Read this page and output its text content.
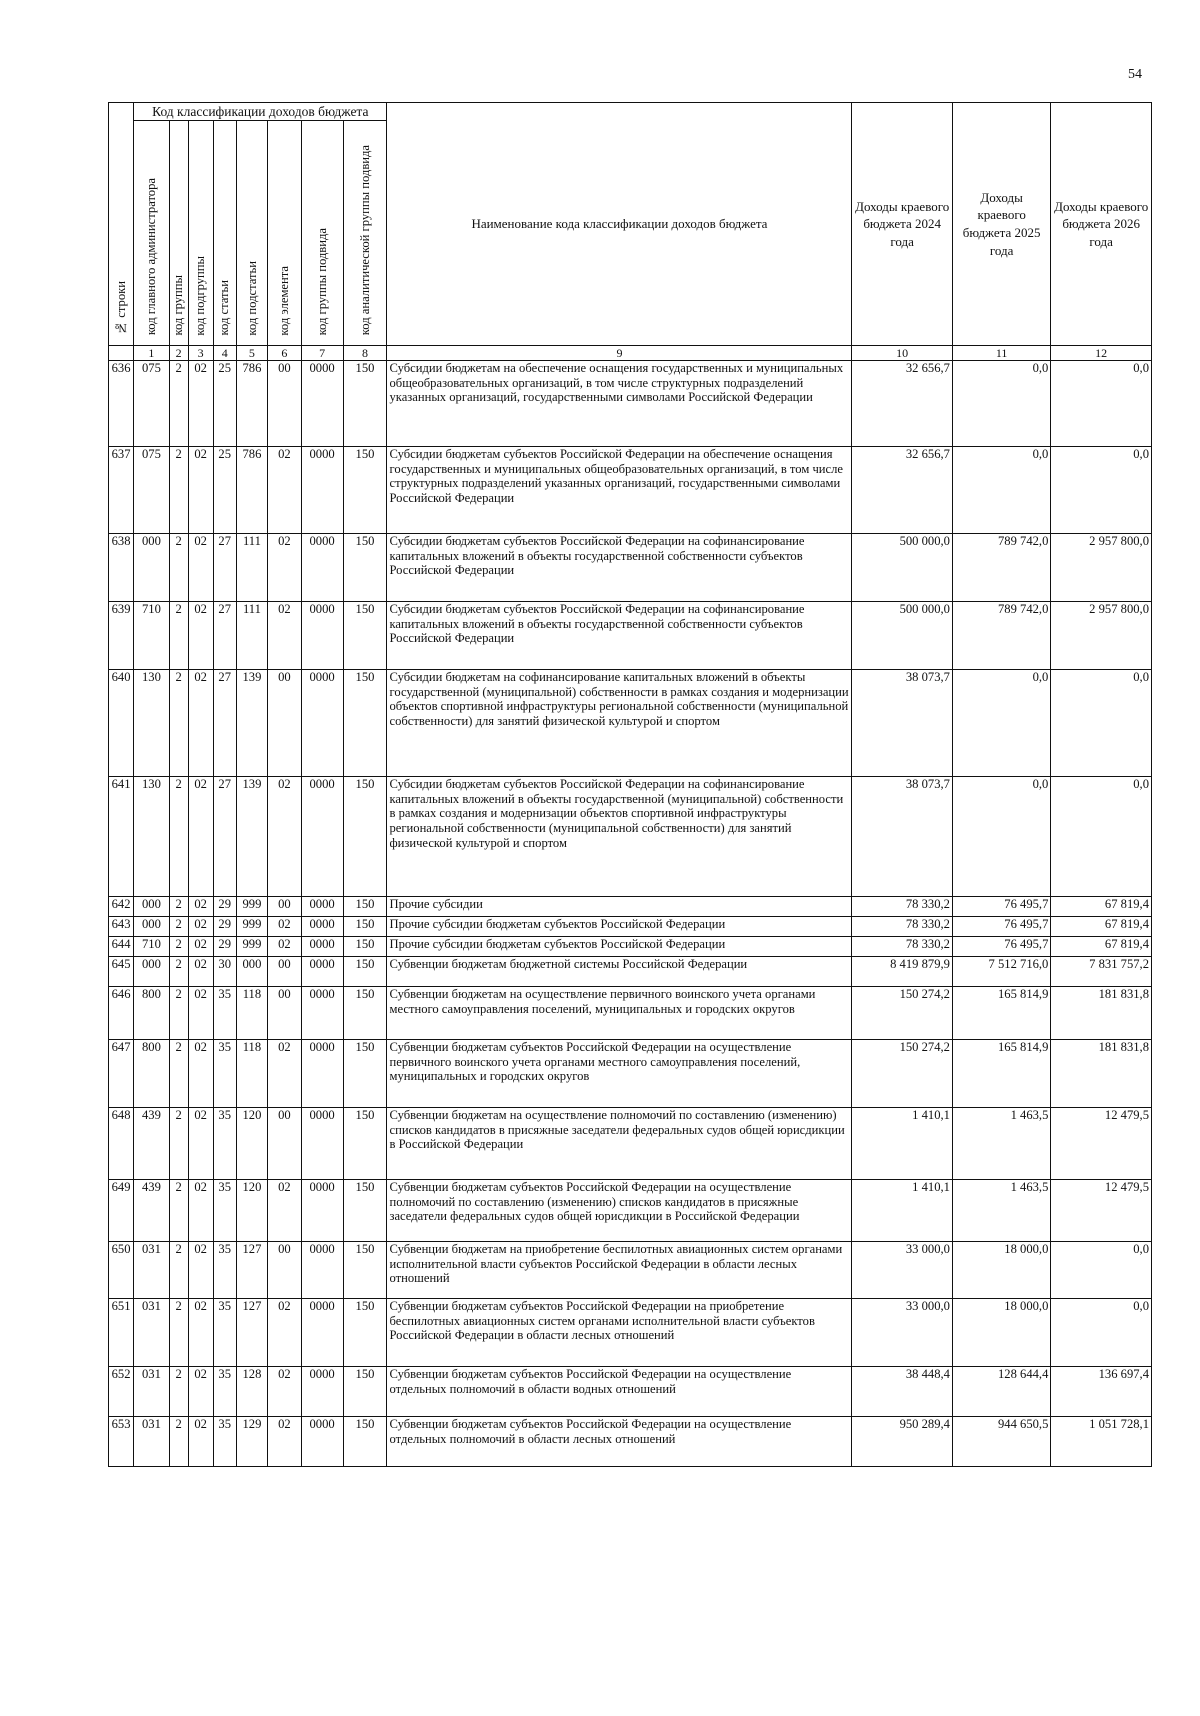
54
№ строки	Код классификации доходов бюджета								Наименование кода классификации доходов бюджета	Доходы краевого бюджета 2024 года	Доходы краевого бюджета 2025 года	Доходы краевого бюджета 2026 года
	код главного администратора	код группы	код подгруппы	код статьи	код подстатьи	код элемента	код группы подвида	код аналитической группы подвида				
	1	2	3	4	5	6	7	8	9	10	11	12
636	075	2	02	25	786	00	0000	150	Субсидии бюджетам на обеспечение оснащения государственных и муниципальных общеобразовательных организаций, в том числе структурных подразделений указанных организаций, государственными символами Российской Федерации	32 656,7	0,0	0,0
637	075	2	02	25	786	02	0000	150	Субсидии бюджетам субъектов Российской Федерации на обеспечение оснащения государственных и муниципальных общеобразовательных организаций, в том числе структурных подразделений указанных организаций, государственными символами Российской Федерации	32 656,7	0,0	0,0
638	000	2	02	27	111	02	0000	150	Субсидии бюджетам субъектов Российской Федерации на софинансирование капитальных вложений в объекты государственной собственности субъектов Российской Федерации	500 000,0	789 742,0	2 957 800,0
639	710	2	02	27	111	02	0000	150	Субсидии бюджетам субъектов Российской Федерации на софинансирование капитальных вложений в объекты государственной собственности субъектов Российской Федерации	500 000,0	789 742,0	2 957 800,0
640	130	2	02	27	139	00	0000	150	Субсидии бюджетам на софинансирование капитальных вложений в объекты государственной (муниципальной) собственности в рамках создания и модернизации объектов спортивной инфраструктуры региональной собственности (муниципальной собственности) для занятий физической культурой и спортом	38 073,7	0,0	0,0
641	130	2	02	27	139	02	0000	150	Субсидии бюджетам субъектов Российской Федерации на софинансирование капитальных вложений в объекты государственной (муниципальной) собственности в рамках создания и модернизации объектов спортивной инфраструктуры региональной собственности (муниципальной собственности) для занятий физической культурой и спортом	38 073,7	0,0	0,0
642	000	2	02	29	999	00	0000	150	Прочие субсидии	78 330,2	76 495,7	67 819,4
643	000	2	02	29	999	02	0000	150	Прочие субсидии бюджетам субъектов Российской Федерации	78 330,2	76 495,7	67 819,4
644	710	2	02	29	999	02	0000	150	Прочие субсидии бюджетам субъектов Российской Федерации	78 330,2	76 495,7	67 819,4
645	000	2	02	30	000	00	0000	150	Субвенции бюджетам бюджетной системы Российской Федерации	8 419 879,9	7 512 716,0	7 831 757,2
646	800	2	02	35	118	00	0000	150	Субвенции бюджетам на осуществление первичного воинского учета органами местного самоуправления поселений, муниципальных и городских округов	150 274,2	165 814,9	181 831,8
647	800	2	02	35	118	02	0000	150	Субвенции бюджетам субъектов Российской Федерации на осуществление первичного воинского учета органами местного самоуправления поселений, муниципальных и городских округов	150 274,2	165 814,9	181 831,8
648	439	2	02	35	120	00	0000	150	Субвенции бюджетам на осуществление полномочий по составлению (изменению) списков кандидатов в присяжные заседатели федеральных судов общей юрисдикции в Российской Федерации	1 410,1	1 463,5	12 479,5
649	439	2	02	35	120	02	0000	150	Субвенции бюджетам субъектов Российской Федерации на осуществление полномочий по составлению (изменению) списков кандидатов в присяжные заседатели федеральных судов общей юрисдикции в Российской Федерации	1 410,1	1 463,5	12 479,5
650	031	2	02	35	127	00	0000	150	Субвенции бюджетам на приобретение беспилотных авиационных систем органами исполнительной власти субъектов Российской Федерации в области лесных отношений	33 000,0	18 000,0	0,0
651	031	2	02	35	127	02	0000	150	Субвенции бюджетам субъектов Российской Федерации на приобретение беспилотных авиационных систем органами исполнительной власти субъектов Российской Федерации в области лесных отношений	33 000,0	18 000,0	0,0
652	031	2	02	35	128	02	0000	150	Субвенции бюджетам субъектов Российской Федерации на осуществление отдельных полномочий в области водных отношений	38 448,4	128 644,4	136 697,4
653	031	2	02	35	129	02	0000	150	Субвенции бюджетам субъектов Российской Федерации на осуществление отдельных полномочий в области лесных отношений	950 289,4	944 650,5	1 051 728,1
